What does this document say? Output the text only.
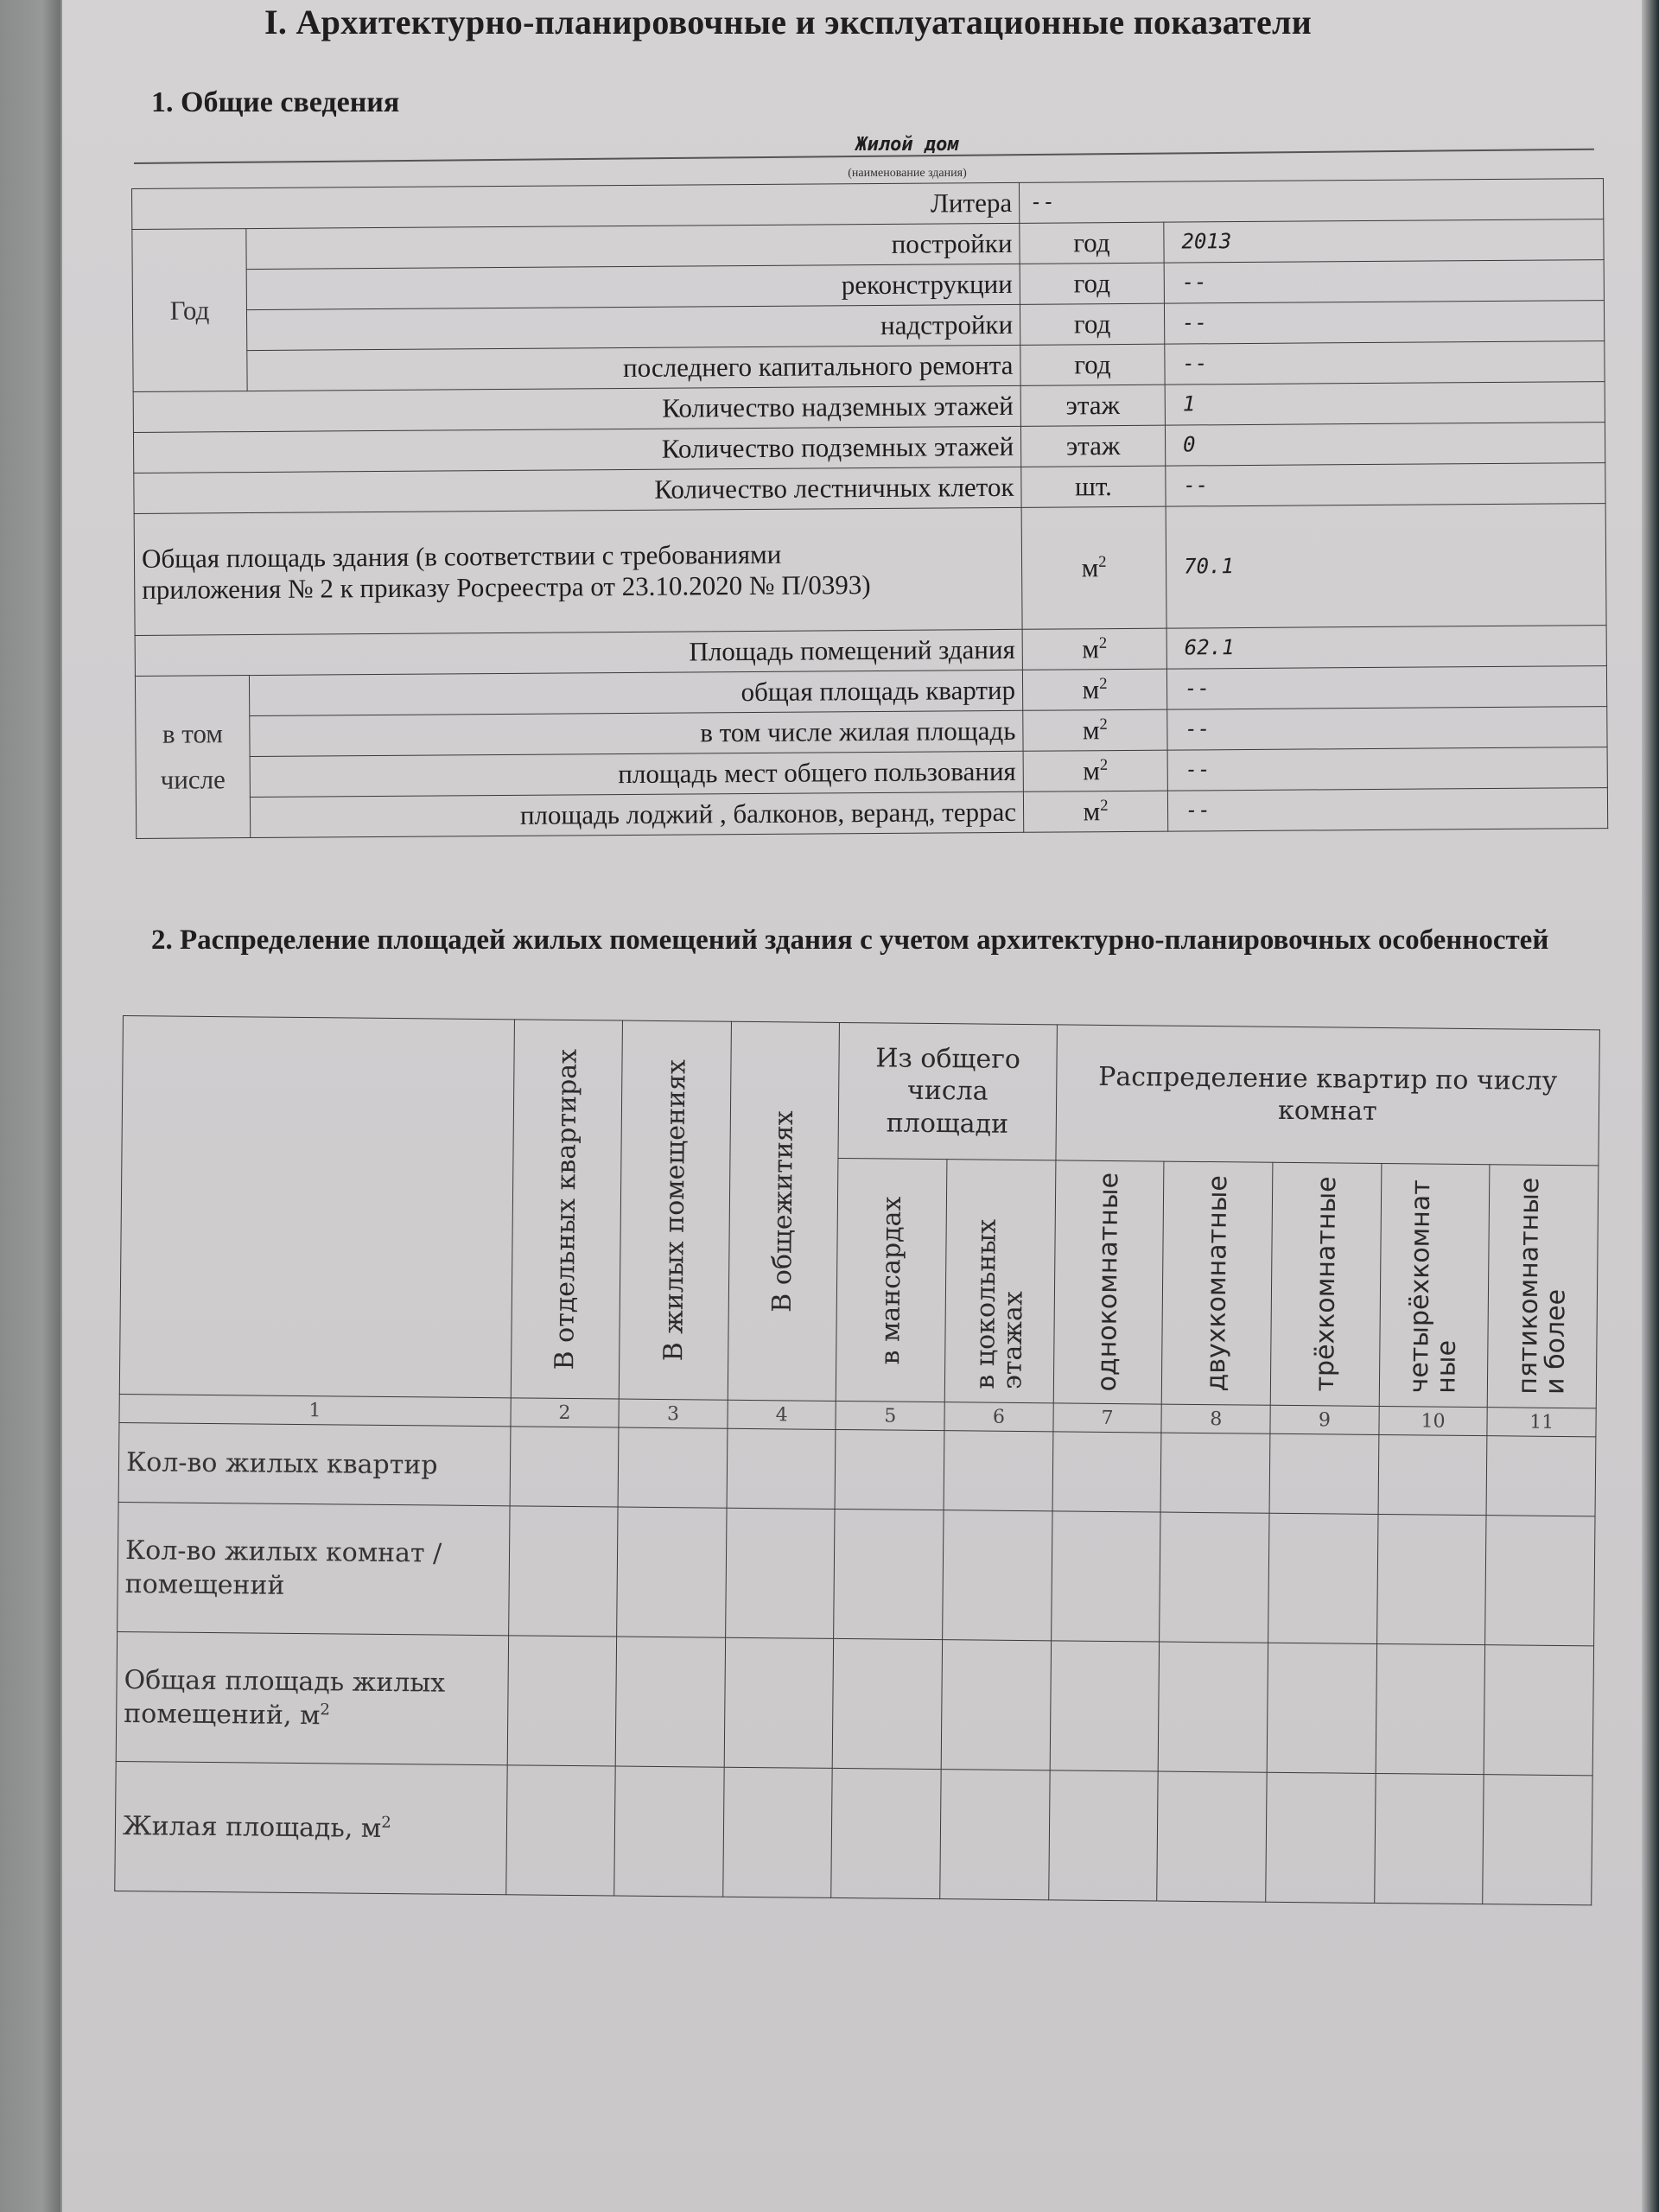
I. Архитектурно-планировочные и эксплуатационные показатели
1. Общие сведения
Жилой дом
(наименование здания)
Литера		--	
Год	постройки	год	2013
	реконструкции	год	--
	надстройки	год	--
	последнего капитального ремонта	год	--
Количество надземных этажей		этаж	1
Количество подземных этажей		этаж	0
Количество лестничных клеток		шт.	--
Общая площадь здания (в соответствии с требованиями приложения № 2 к приказу Росреестра от 23.10.2020 № П/0393)		$м^2$	70.1
Площадь помещений здания		$м^2$	62.1
в том
числе	общая площадь квартир	$м^2$	--
	в том числе жилая площадь	$м^2$	--
	площадь мест общего пользования	$м^2$	--
	площадь лоджий , балконов, веранд, террас	$м^2$	--
2. Распределение площадей жилых помещений здания с учетом архитектурно-планировочных особенностей

	В отдельных квартирах	В жилых помещениях	В общежитиях	Из общего числа площади		Распределение квартир по числу комнат				

				в мансардах	в цокольных этажах	однокомнатные	двухкомнатные	трёхкомнатные	четырёхкомнатные	пятикомнатные и более

1	2	3	4	5	6	7	8	9	10	11
Кол-во жилых квартир										
Кол-во жилых комнат / помещений										
Общая площадь жилых помещений, $м^2$										
Жилая площадь, $м^2$										
